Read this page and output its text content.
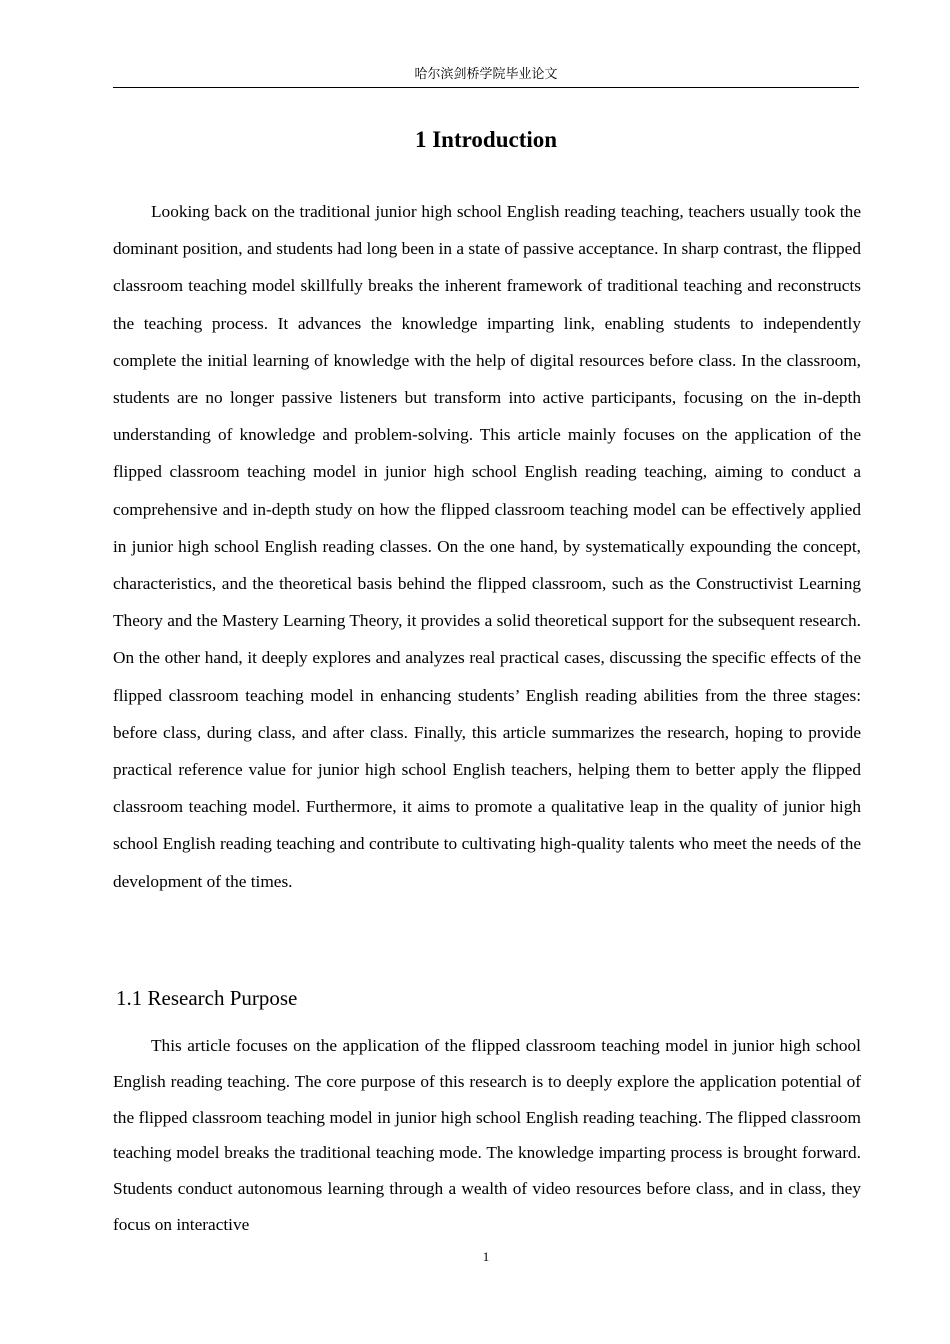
哈尔滨剑桥学院毕业论文
1 Introduction

Looking back on the traditional junior high school English reading teaching, teachers usually took the dominant position, and students had long been in a state of passive acceptance. In sharp contrast, the flipped classroom teaching model skillfully breaks the inherent framework of traditional teaching and reconstructs the teaching process. It advances the knowledge imparting link, enabling students to independently complete the initial learning of knowledge with the help of digital resources before class. In the classroom, students are no longer passive listeners but transform into active participants, focusing on the in-depth understanding of knowledge and problem-solving. This article mainly focuses on the application of the flipped classroom teaching model in junior high school English reading teaching, aiming to conduct a comprehensive and in-depth study on how the flipped classroom teaching model can be effectively applied in junior high school English reading classes. On the one hand, by systematically expounding the concept, characteristics, and the theoretical basis behind the flipped classroom, such as the Constructivist Learning Theory and the Mastery Learning Theory, it provides a solid theoretical support for the subsequent research. On the other hand, it deeply explores and analyzes real practical cases, discussing the specific effects of the flipped classroom teaching model in enhancing students’ English reading abilities from the three stages: before class, during class, and after class. Finally, this article summarizes the research, hoping to provide practical reference value for junior high school English teachers, helping them to better apply the flipped classroom teaching model. Furthermore, it aims to promote a qualitative leap in the quality of junior high school English reading teaching and contribute to cultivating high-quality talents who meet the needs of the development of the times.

1.1 Research Purpose

This article focuses on the application of the flipped classroom teaching model in junior high school English reading teaching. The core purpose of this research is to deeply explore the application potential of the flipped classroom teaching model in junior high school English reading teaching. The flipped classroom teaching model breaks the traditional teaching mode. The knowledge imparting process is brought forward. Students conduct autonomous learning through a wealth of video resources before class, and in class, they focus on interactive

1
